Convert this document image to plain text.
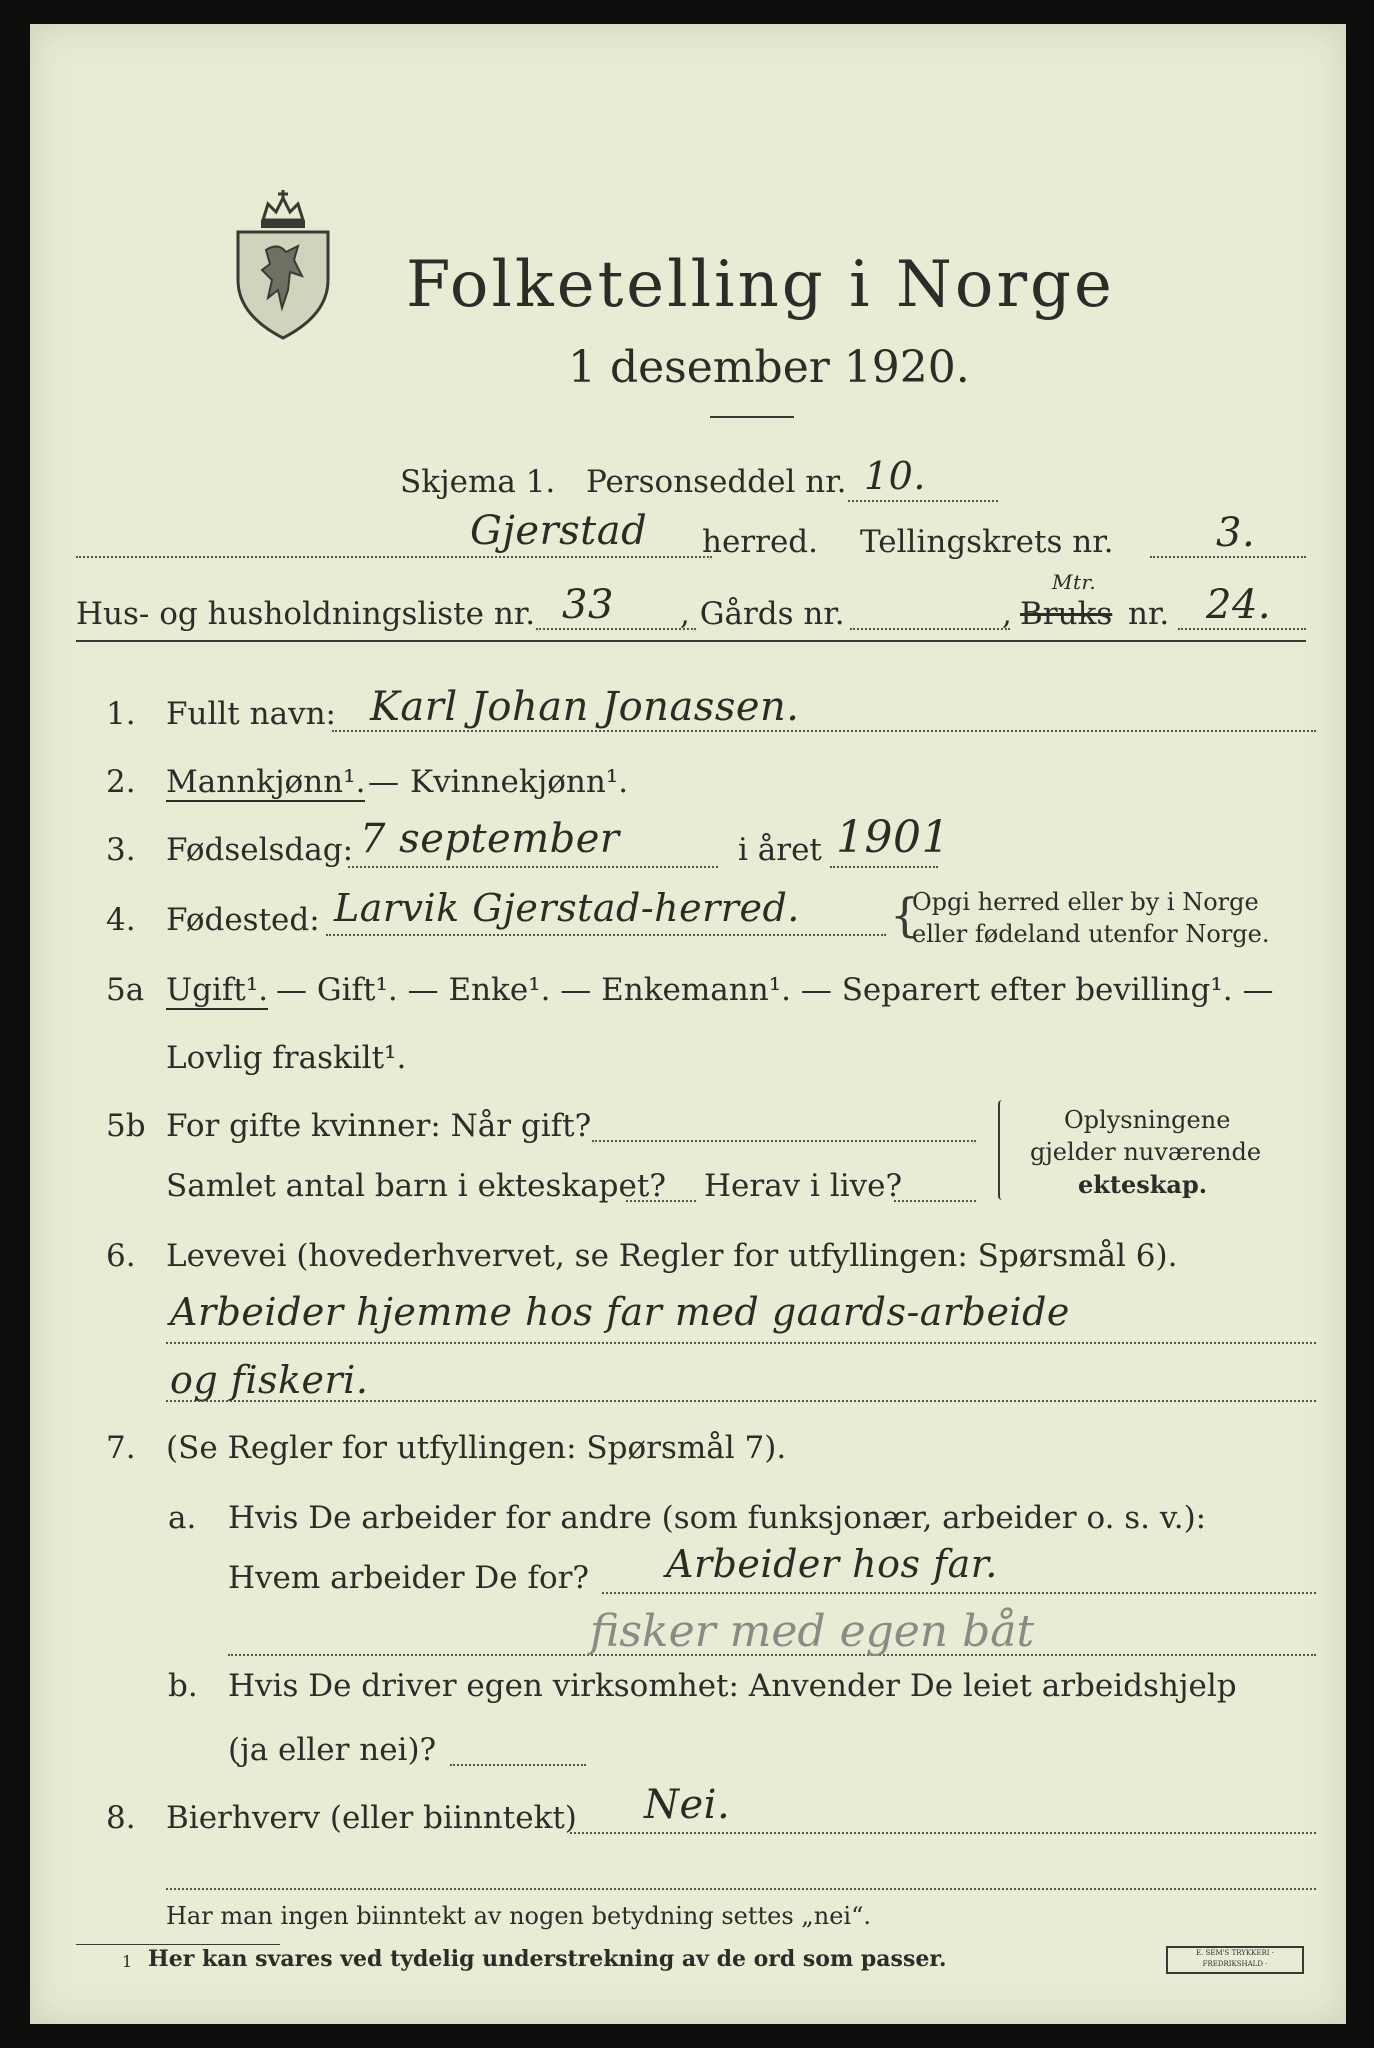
Folketelling i Norge
1 desember 1920.
Skjema 1. Personseddel nr. 10.
Gjerstad herred. Tellingskrets nr.	3.
Hus- og husholdningsliste nr. 33 , Gårds nr.	, Bruks
Mtr.
nr. 24.
1. Fullt navn: Karl Johan Jonassen.
2. Mannkjønn¹. — Kvinnekjønn¹.
3. Fødselsdag: 7 september	i året 1901
4. Fødested: Larvik Gjerstad-herred. {
Opgi herred eller by i Norge
eller fødeland utenfor Norge.
5a Ugift¹. — Gift¹. — Enke¹. — Enkemann¹. — Separert efter bevilling¹. —
Lovlig fraskilt¹.
5b For gifte kvinner: Når gift?
Samlet antal barn i ekteskapet? Herav i live?
Oplysningene
gjelder nuværende
ekteskap.
6. Levevei (hovederhvervet, se Regler for utfyllingen: Spørsmål 6).
Arbeider hjemme hos far med gaards-arbeide
og fiskeri.
7. (Se Regler for utfyllingen: Spørsmål 7).
a. Hvis De arbeider for andre (som funksjonær, arbeider o. s. v.):
Hvem arbeider De for? Arbeider hos far.
fisker med egen båt
b. Hvis De driver egen virksomhet: Anvender De leiet arbeidshjelp
(ja eller nei)?
8. Bierhverv (eller biinntekt) Nei.
Har man ingen biinntekt av nogen betydning settes „nei“.
1 Her kan svares ved tydelig understrekning av de ord som passer.	E. SEM'S TRYKKERI · FREDRIKSHALD ·
